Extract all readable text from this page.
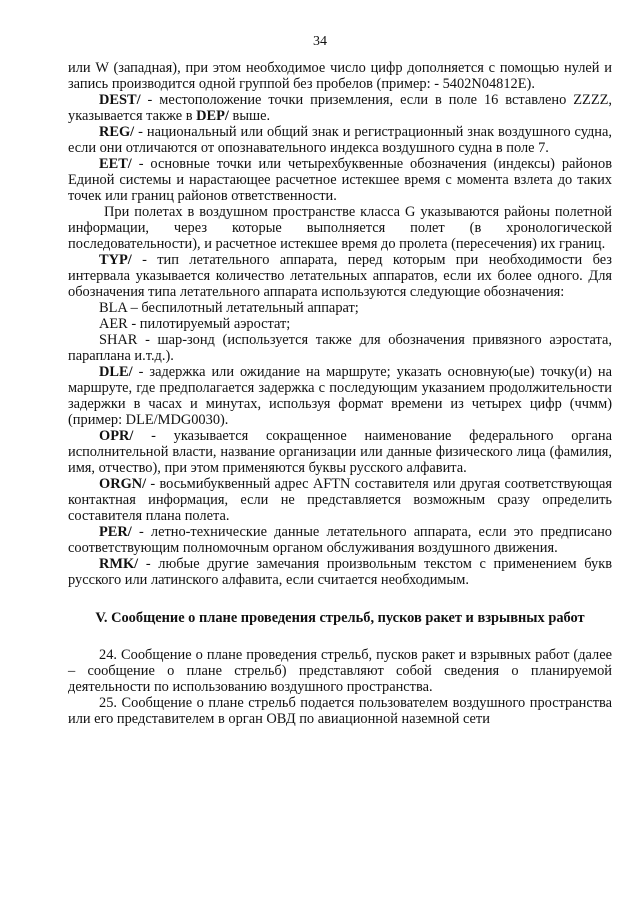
34

или W (западная), при этом необходимое число цифр дополняется с помощью нулей и запись производится одной группой без пробелов (пример: - 5402N04812E).

DEST/ - местоположение точки приземления, если в поле 16 вставлено ZZZZ, указывается также в DEP/ выше.

REG/ - национальный или общий знак и регистрационный знак воздушного судна, если они отличаются от опознавательного индекса воздушного судна в поле 7.

EET/ - основные точки или четырехбуквенные обозначения (индексы) районов Единой системы и нарастающее расчетное истекшее время с момента взлета до таких точек или границ районов ответственности.

При полетах в воздушном пространстве класса G указываются районы полетной информации, через которые выполняется полет (в хронологической последовательности), и расчетное истекшее время до пролета (пересечения) их границ.

TYP/ - тип летательного аппарата, перед которым при необходимости без интервала указывается количество летательных аппаратов, если их более одного. Для обозначения типа летательного аппарата используются следующие обозначения:

BLA – беспилотный летательный аппарат;

AER - пилотируемый аэростат;

SHAR - шар-зонд (используется также для обозначения привязного аэростата, параплана и.т.д.).

DLE/ - задержка или ожидание на маршруте; указать основную(ые) точку(и) на маршруте, где предполагается задержка с последующим указанием продолжительности задержки в часах и минутах, используя формат времени из четырех цифр (ччмм) (пример: DLE/MDG0030).

OPR/ - указывается сокращенное наименование федерального органа исполнительной власти, название организации или данные физического лица (фамилия, имя, отчество), при этом применяются буквы русского алфавита.

ORGN/ - восьмибуквенный адрес AFTN составителя или другая соответствующая контактная информация, если не представляется возможным сразу определить составителя плана полета.

PER/ - летно-технические данные летательного аппарата, если это предписано соответствующим полномочным органом обслуживания воздушного движения.

RMK/ - любые другие замечания произвольным текстом с применением букв русского или латинского алфавита, если считается необходимым.

V. Сообщение о плане проведения стрельб, пусков ракет и взрывных работ

24. Сообщение о плане проведения стрельб, пусков ракет и взрывных работ (далее – сообщение о плане стрельб) представляют собой сведения о планируемой деятельности по использованию воздушного пространства.

25. Сообщение о плане стрельб подается пользователем воздушного пространства или его представителем в орган ОВД по авиационной наземной сети
